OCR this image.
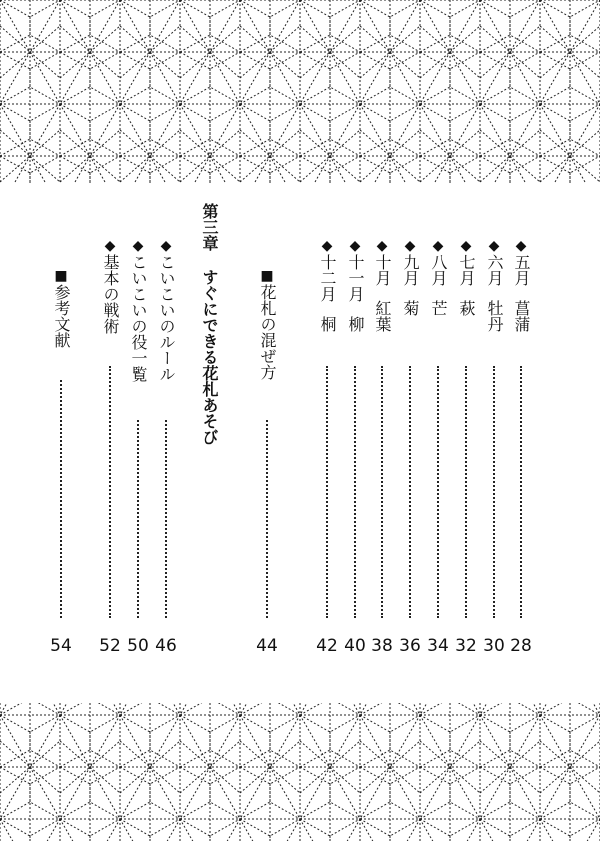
第三章すぐにできる花札あそび
◆五月菖蒲
◆六月牡丹
◆七月萩
◆八月芒
◆九月菊
◆十月紅葉
◆十一月柳
◆十二月桐
■花札の混ぜ方
◆こいこいのルール
◆こいこいの役一覧
◆基本の戦術
■参考文献
28
30
32
34
36
38
40
42
44
46
50
52
54
